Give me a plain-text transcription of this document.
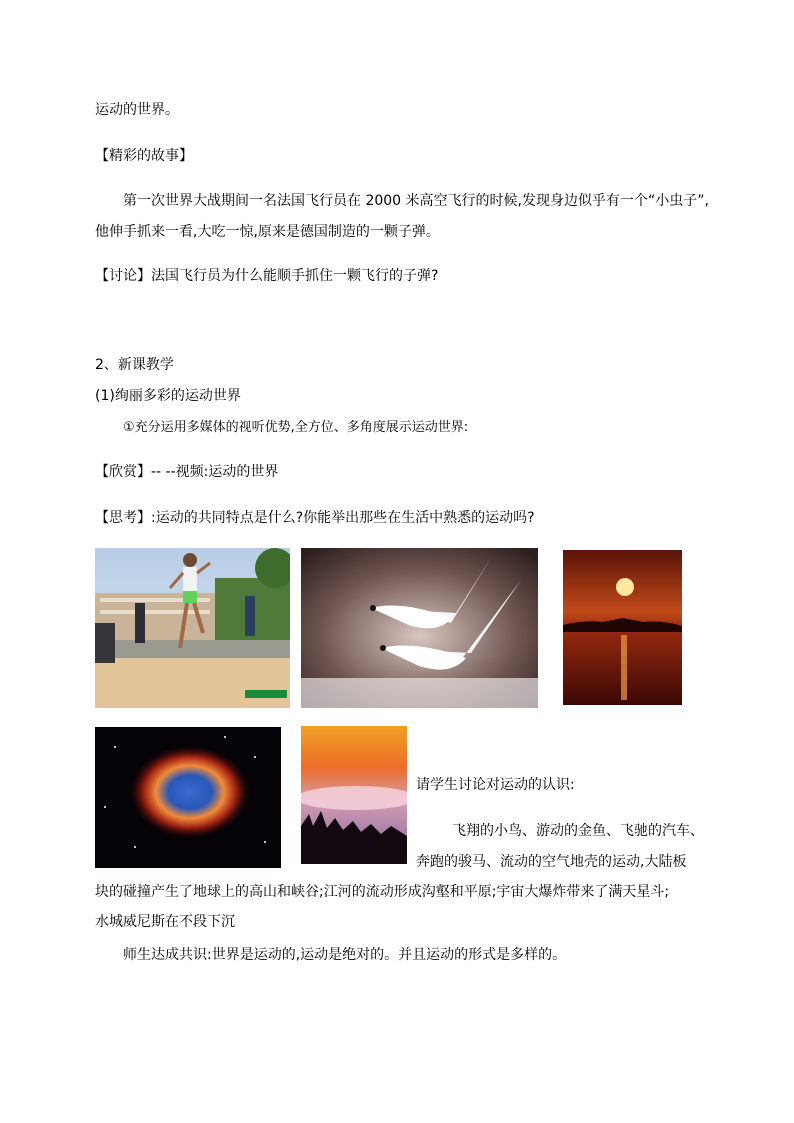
运动的世界。
【精彩的故事】
第一次世界大战期间一名法国飞行员在 2000 米高空飞行的时候,发现身边似乎有一个“小虫子”,
他伸手抓来一看,大吃一惊,原来是德国制造的一颗子弹。
【讨论】法国飞行员为什么能顺手抓住一颗飞行的子弹?
2、新课教学
(1)绚丽多彩的运动世界
①充分运用多媒体的视听优势,全方位、多角度展示运动世界:
【欣赏】-- --视频:运动的世界
【思考】:运动的共同特点是什么?你能举出那些在生活中熟悉的运动吗?
请学生讨论对运动的认识:
飞翔的小鸟、游动的金鱼、飞驰的汽车、
奔跑的骏马、流动的空气地壳的运动,大陆板
块的碰撞产生了地球上的高山和峡谷;江河的流动形成沟壑和平原;宇宙大爆炸带来了满天星斗;
水城威尼斯在不段下沉
师生达成共识:世界是运动的,运动是绝对的。并且运动的形式是多样的。
